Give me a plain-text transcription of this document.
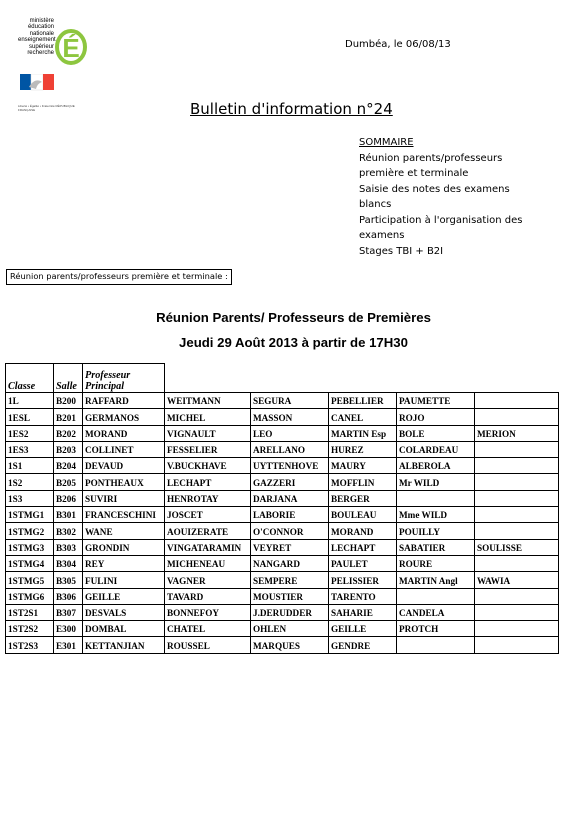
ministère
éducation
nationale
enseignement
supérieur
recherche É
Liberté • Égalité • Fraternité RÉPUBLIQUE FRANÇAISE
Dumbéa, le 06/08/13
Bulletin d'information n°24
SOMMAIRE
Réunion parents/professeurs première et terminale
Saisie des notes des examens blancs
Participation à l'organisation des examens
Stages TBI + B2I
Réunion parents/professeurs première et terminale :
Réunion Parents/ Professeurs de Premières
Jeudi 29 Août 2013 à partir de 17H30
Classe	Salle	Professeur Principal					
1L	B200	RAFFARD	WEITMANN	SEGURA	PEBELLIER	PAUMETTE	
1ESL	B201	GERMANOS	MICHEL	MASSON	CANEL	ROJO	
1ES2	B202	MORAND	VIGNAULT	LEO	MARTIN Esp	BOLE	MERION
1ES3	B203	COLLINET	FESSELIER	ARELLANO	HUREZ	COLARDEAU	
1S1	B204	DEVAUD	V.BUCKHAVE	UYTTENHOVE	MAURY	ALBEROLA	
1S2	B205	PONTHEAUX	LECHAPT	GAZZERI	MOFFLIN	Mr WILD	
1S3	B206	SUVIRI	HENROTAY	DARJANA	BERGER		
1STMG1	B301	FRANCESCHINI	JOSCET	LABORIE	BOULEAU	Mme WILD	
1STMG2	B302	WANE	AOUIZERATE	O'CONNOR	MORAND	POUILLY	
1STMG3	B303	GRONDIN	VINGATARAMIN	VEYRET	LECHAPT	SABATIER	SOULISSE
1STMG4	B304	REY	MICHENEAU	NANGARD	PAULET	ROURE	
1STMG5	B305	FULINI	VAGNER	SEMPERE	PELISSIER	MARTIN Angl	WAWIA
1STMG6	B306	GEILLE	TAVARD	MOUSTIER	TARENTO		
1ST2S1	B307	DESVALS	BONNEFOY	J.DERUDDER	SAHARIE	CANDELA	
1ST2S2	E300	DOMBAL	CHATEL	OHLEN	GEILLE	PROTCH	
1ST2S3	E301	KETTANJIAN	ROUSSEL	MARQUES	GENDRE		
